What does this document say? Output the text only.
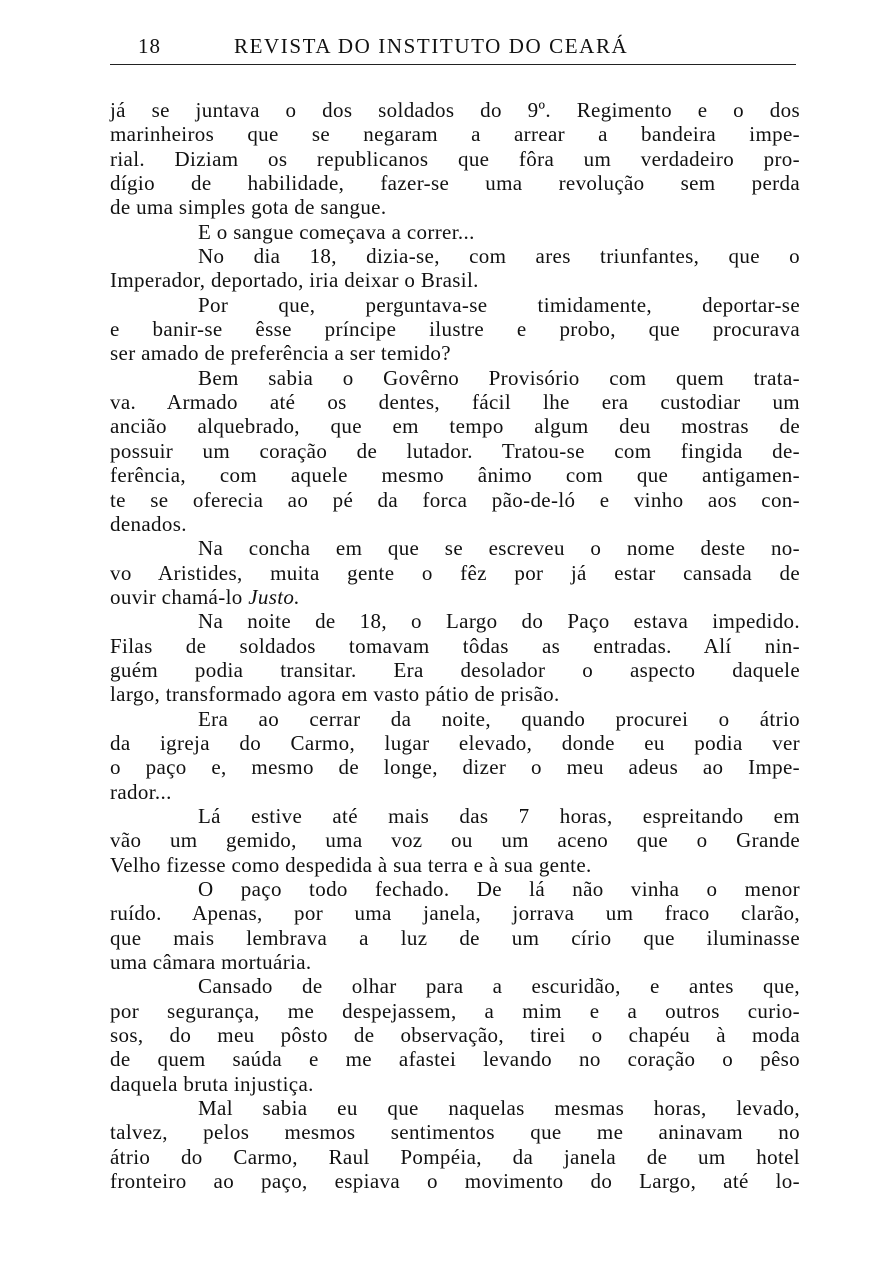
18	REVISTA DO INSTITUTO DO CEARÁ
já se juntava o dos soldados do 9º. Regimento e o dos
marinheiros que se negaram a arrear a bandeira impe-
rial. Diziam os republicanos que fôra um verdadeiro pro-
dígio de habilidade, fazer-se uma revolução sem perda
de uma simples gota de sangue.
E o sangue começava a correr...
No dia 18, dizia-se, com ares triunfantes, que o
Imperador, deportado, iria deixar o Brasil.
Por que, perguntava-se timidamente, deportar-se
e banir-se êsse príncipe ilustre e probo, que procurava
ser amado de preferência a ser temido?
Bem sabia o Govêrno Provisório com quem trata-
va. Armado até os dentes, fácil lhe era custodiar um
ancião alquebrado, que em tempo algum deu mostras de
possuir um coração de lutador. Tratou-se com fingida de-
ferência, com aquele mesmo ânimo com que antigamen-
te se oferecia ao pé da forca pão-de-ló e vinho aos con-
denados.
Na concha em que se escreveu o nome deste no-
vo Aristides, muita gente o fêz por já estar cansada de
ouvir chamá-lo Justo.
Na noite de 18, o Largo do Paço estava impedido.
Filas de soldados tomavam tôdas as entradas. Alí nin-
guém podia transitar. Era desolador o aspecto daquele
largo, transformado agora em vasto pátio de prisão.
Era ao cerrar da noite, quando procurei o átrio
da igreja do Carmo, lugar elevado, donde eu podia ver
o paço e, mesmo de longe, dizer o meu adeus ao Impe-
rador...
Lá estive até mais das 7 horas, espreitando em
vão um gemido, uma voz ou um aceno que o Grande
Velho fizesse como despedida à sua terra e à sua gente.
O paço todo fechado. De lá não vinha o menor
ruído. Apenas, por uma janela, jorrava um fraco clarão,
que mais lembrava a luz de um círio que iluminasse
uma câmara mortuária.
Cansado de olhar para a escuridão, e antes que,
por segurança, me despejassem, a mim e a outros curio-
sos, do meu pôsto de observação, tirei o chapéu à moda
de quem saúda e me afastei levando no coração o pêso
daquela bruta injustiça.
Mal sabia eu que naquelas mesmas horas, levado,
talvez, pelos mesmos sentimentos que me aninavam no
átrio do Carmo, Raul Pompéia, da janela de um hotel
fronteiro ao paço, espiava o movimento do Largo, até lo-
